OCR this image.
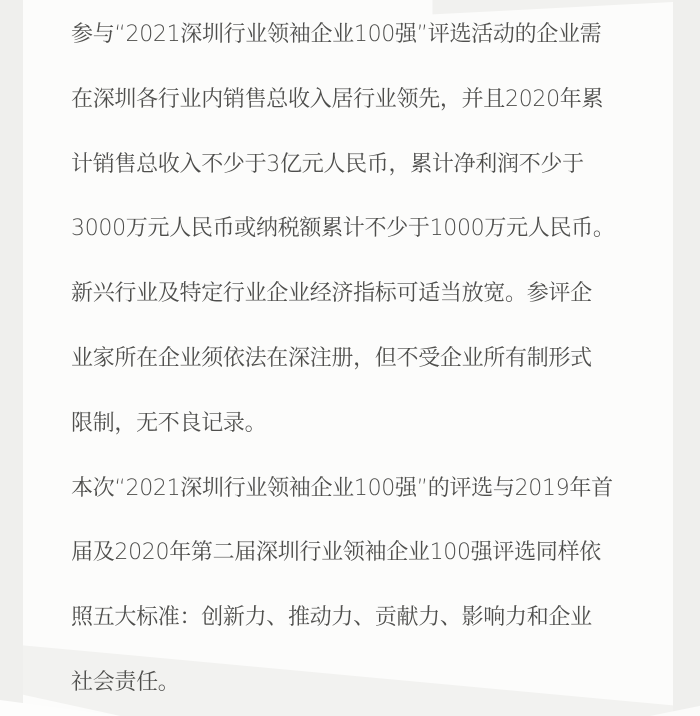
参与“2021深圳行业领袖企业100强”评选活动的企业需

在深圳各行业内销售总收入居行业领先，并且2020年累

计销售总收入不少于3亿元人民币，累计净利润不少于

3000万元人民币或纳税额累计不少于1000万元人民币。

新兴行业及特定行业企业经济指标可适当放宽。参评企

业家所在企业须依法在深注册，但不受企业所有制形式

限制，无不良记录。

本次“2021深圳行业领袖企业100强”的评选与2019年首

届及2020年第二届深圳行业领袖企业100强评选同样依

照五大标准：创新力、推动力、贡献力、影响力和企业

社会责任。
